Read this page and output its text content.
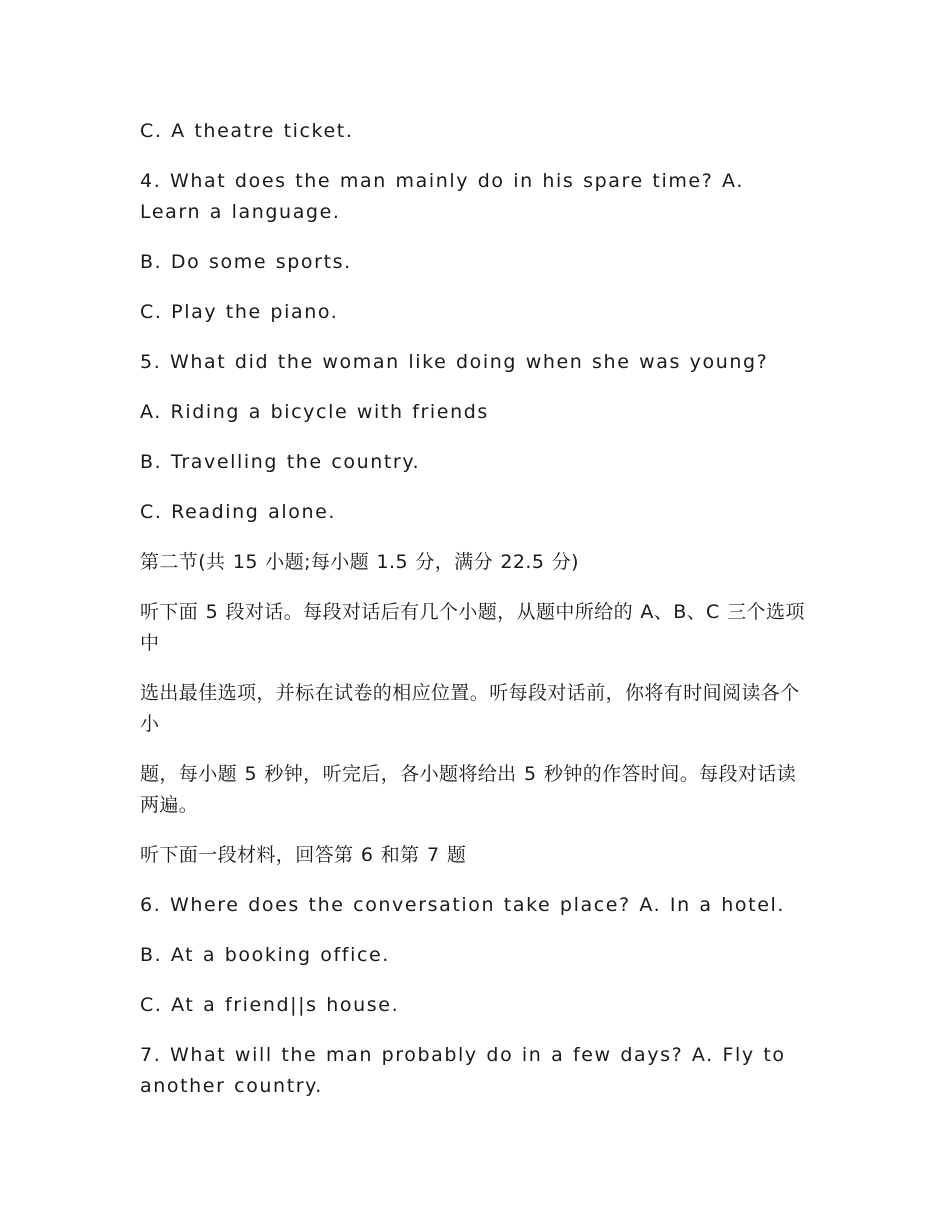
C. A theatre ticket.

4. What does the man mainly do in his spare time? A. Learn a language.

B. Do some sports.

C. Play the piano.

5. What did the woman like doing when she was young?

A. Riding a bicycle with friends

B. Travelling the country.

C. Reading alone.

第二节(共 15 小题;每小题 1.5 分，满分 22.5 分)

听下面 5 段对话。每段对话后有几个小题，从题中所给的 A、B、C 三个选项中

选出最佳选项，并标在试卷的相应位置。听每段对话前，你将有时间阅读各个小

题，每小题 5 秒钟，听完后，各小题将给出 5 秒钟的作答时间。每段对话读两遍。

听下面一段材料，回答第 6 和第 7 题

6. Where does the conversation take place? A. In a hotel.

B. At a booking office.

C. At a friend||s house.

7. What will the man probably do in a few days? A. Fly to another country.
